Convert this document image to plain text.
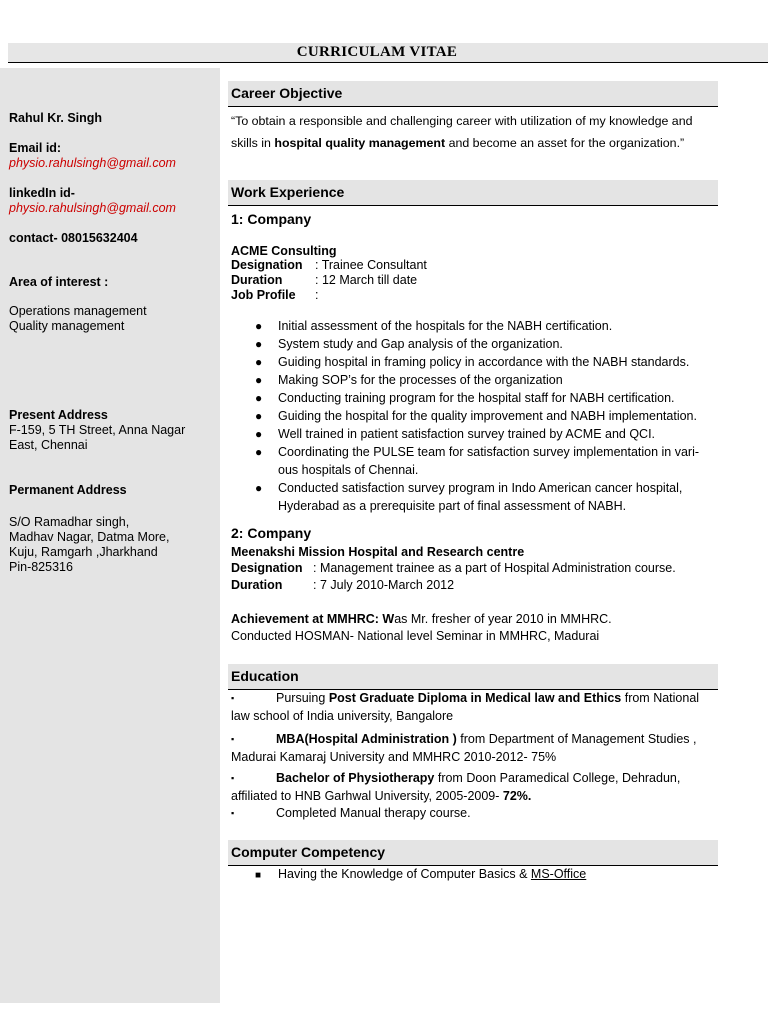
CURRICULAM VITAE
Rahul Kr. Singh
Email id:
physio.rahulsingh@gmail.com
linkedIn id-
physio.rahulsingh@gmail.com
contact- 08015632404
Area of interest :
Operations management
Quality management
Present Address
F-159, 5 TH Street, Anna Nagar
East, Chennai
Permanent Address
S/O Ramadhar singh,
Madhav Nagar, Datma More,
Kuju, Ramgarh ,Jharkhand
Pin-825316
Career Objective
“To obtain a responsible and challenging career with utilization of my knowledge and skills in hospital quality management and become an asset for the organization.”
Work Experience
1: Company
ACME Consulting
Designation : Trainee Consultant
Duration	: 12 March till date
Job Profile :
● Initial assessment of the hospitals for the NABH certification.
● System study and Gap analysis of the organization.
● Guiding hospital in framing policy in accordance with the NABH standards.
● Making SOP’s for the processes of the organization
● Conducting training program for the hospital staff for NABH certification.
● Guiding the hospital for the quality improvement and NABH implementation.
● Well trained in patient satisfaction survey trained by ACME and QCI.
● Coordinating the PULSE team for satisfaction survey implementation in vari-ous hospitals of Chennai.
● Conducted satisfaction survey program in Indo American cancer hospital, Hyderabad as a prerequisite part of final assessment of NABH.
2: Company
Meenakshi Mission Hospital and Research centre
Designation : Management trainee as a part of Hospital Administration course.
Duration : 7 July 2010-March 2012
Achievement at MMHRC: Was Mr. fresher of year 2010 in MMHRC.
Conducted HOSMAN- National level Seminar in MMHRC, Madurai
Education
▪	Pursuing Post Graduate Diploma in Medical law and Ethics from National law school of India university, Bangalore
▪	MBA(Hospital Administration ) from Department of Management Studies , Madurai Kamaraj University and MMHRC 2010-2012- 75%
▪	Bachelor of Physiotherapy from Doon Paramedical College, Dehradun, affiliated to HNB Garhwal University, 2005-2009- 72%.
▪	Completed Manual therapy course.
Computer Competency
■ Having the Knowledge of Computer Basics & MS-Office
